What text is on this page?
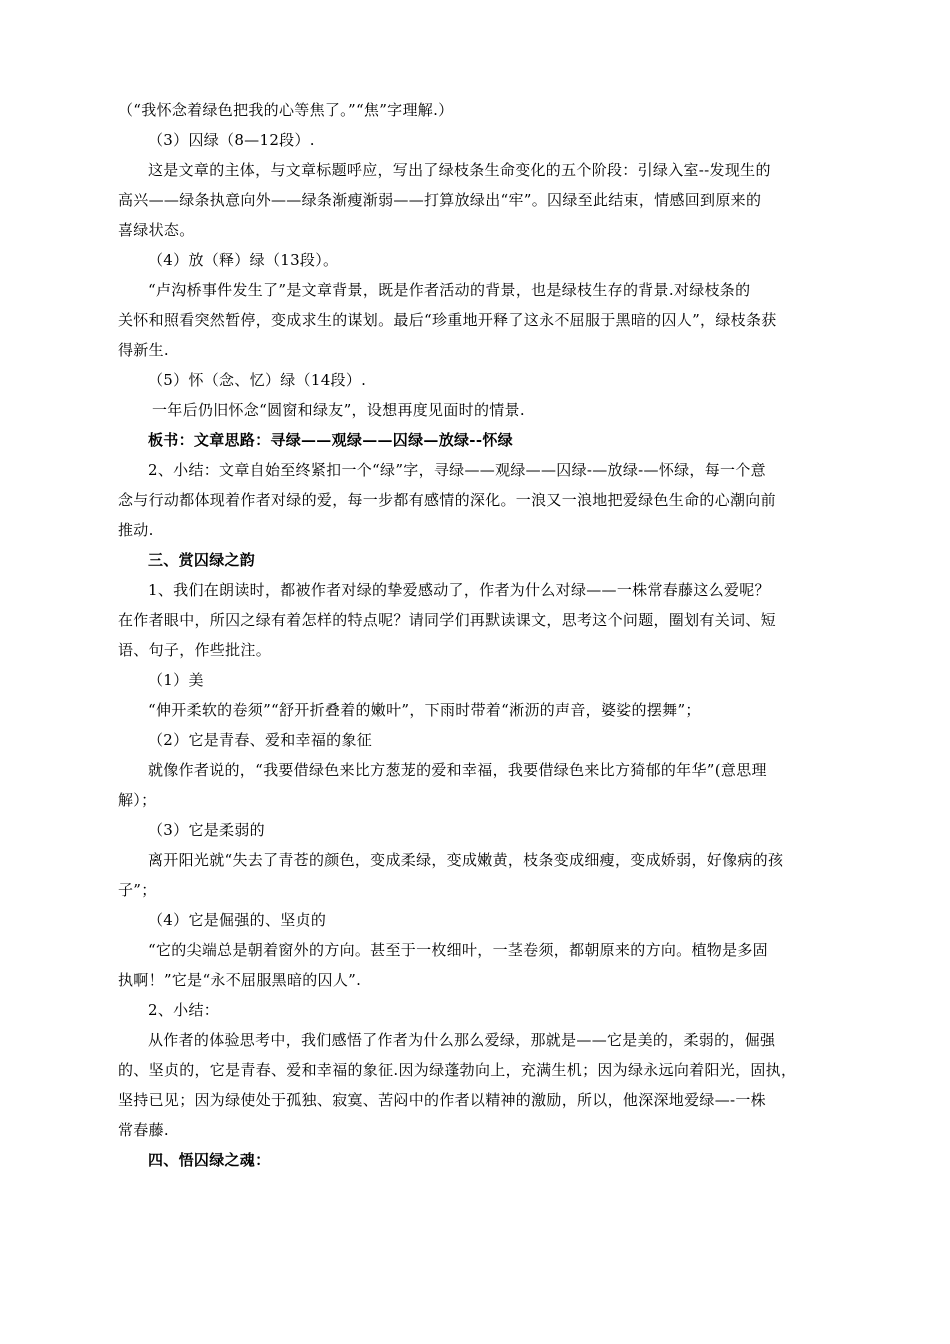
（“我怀念着绿色把我的心等焦了。”“焦”字理解.）
（3）囚绿（8—12段）.
这是文章的主体，与文章标题呼应，写出了绿枝条生命变化的五个阶段：引绿入室--发现生的
高兴——绿条执意向外——绿条渐瘦渐弱——打算放绿出“牢”。囚绿至此结束，情感回到原来的
喜绿状态。
（4）放（释）绿（13段）。
“卢沟桥事件发生了”是文章背景，既是作者活动的背景，也是绿枝生存的背景.对绿枝条的
关怀和照看突然暂停，变成求生的谋划。最后“珍重地开释了这永不屈服于黑暗的囚人”，绿枝条获
得新生.
（5）怀（念、忆）绿（14段）.
一年后仍旧怀念“圆窗和绿友”，设想再度见面时的情景.
板书：文章思路：寻绿——观绿——囚绿—放绿--怀绿
2、小结：文章自始至终紧扣一个“绿”字，寻绿——观绿——囚绿-—放绿-—怀绿，每一个意
念与行动都体现着作者对绿的爱，每一步都有感情的深化。一浪又一浪地把爱绿色生命的心潮向前
推动.
三、赏囚绿之韵
1、我们在朗读时，都被作者对绿的挚爱感动了，作者为什么对绿——一株常春藤这么爱呢？
在作者眼中，所囚之绿有着怎样的特点呢？请同学们再默读课文，思考这个问题，圈划有关词、短
语、句子，作些批注。
（1）美
“伸开柔软的卷须”“舒开折叠着的嫩叶”，下雨时带着“淅沥的声音，婆娑的摆舞”；
（2）它是青春、爱和幸福的象征
就像作者说的，“我要借绿色来比方葱茏的爱和幸福，我要借绿色来比方猗郁的年华”(意思理
解）；
（3）它是柔弱的
离开阳光就“失去了青苍的颜色，变成柔绿，变成嫩黄，枝条变成细瘦，变成娇弱，好像病的孩
子”；
（4）它是倔强的、坚贞的
“它的尖端总是朝着窗外的方向。甚至于一枚细叶，一茎卷须，都朝原来的方向。植物是多固
执啊！”它是“永不屈服黑暗的囚人”.
2、小结：
从作者的体验思考中，我们感悟了作者为什么那么爱绿，那就是——它是美的，柔弱的，倔强
的、坚贞的，它是青春、爱和幸福的象征.因为绿蓬勃向上，充满生机；因为绿永远向着阳光，固执，
坚持已见；因为绿使处于孤独、寂寞、苦闷中的作者以精神的激励，所以，他深深地爱绿—-一株
常春藤.
四、悟囚绿之魂：
